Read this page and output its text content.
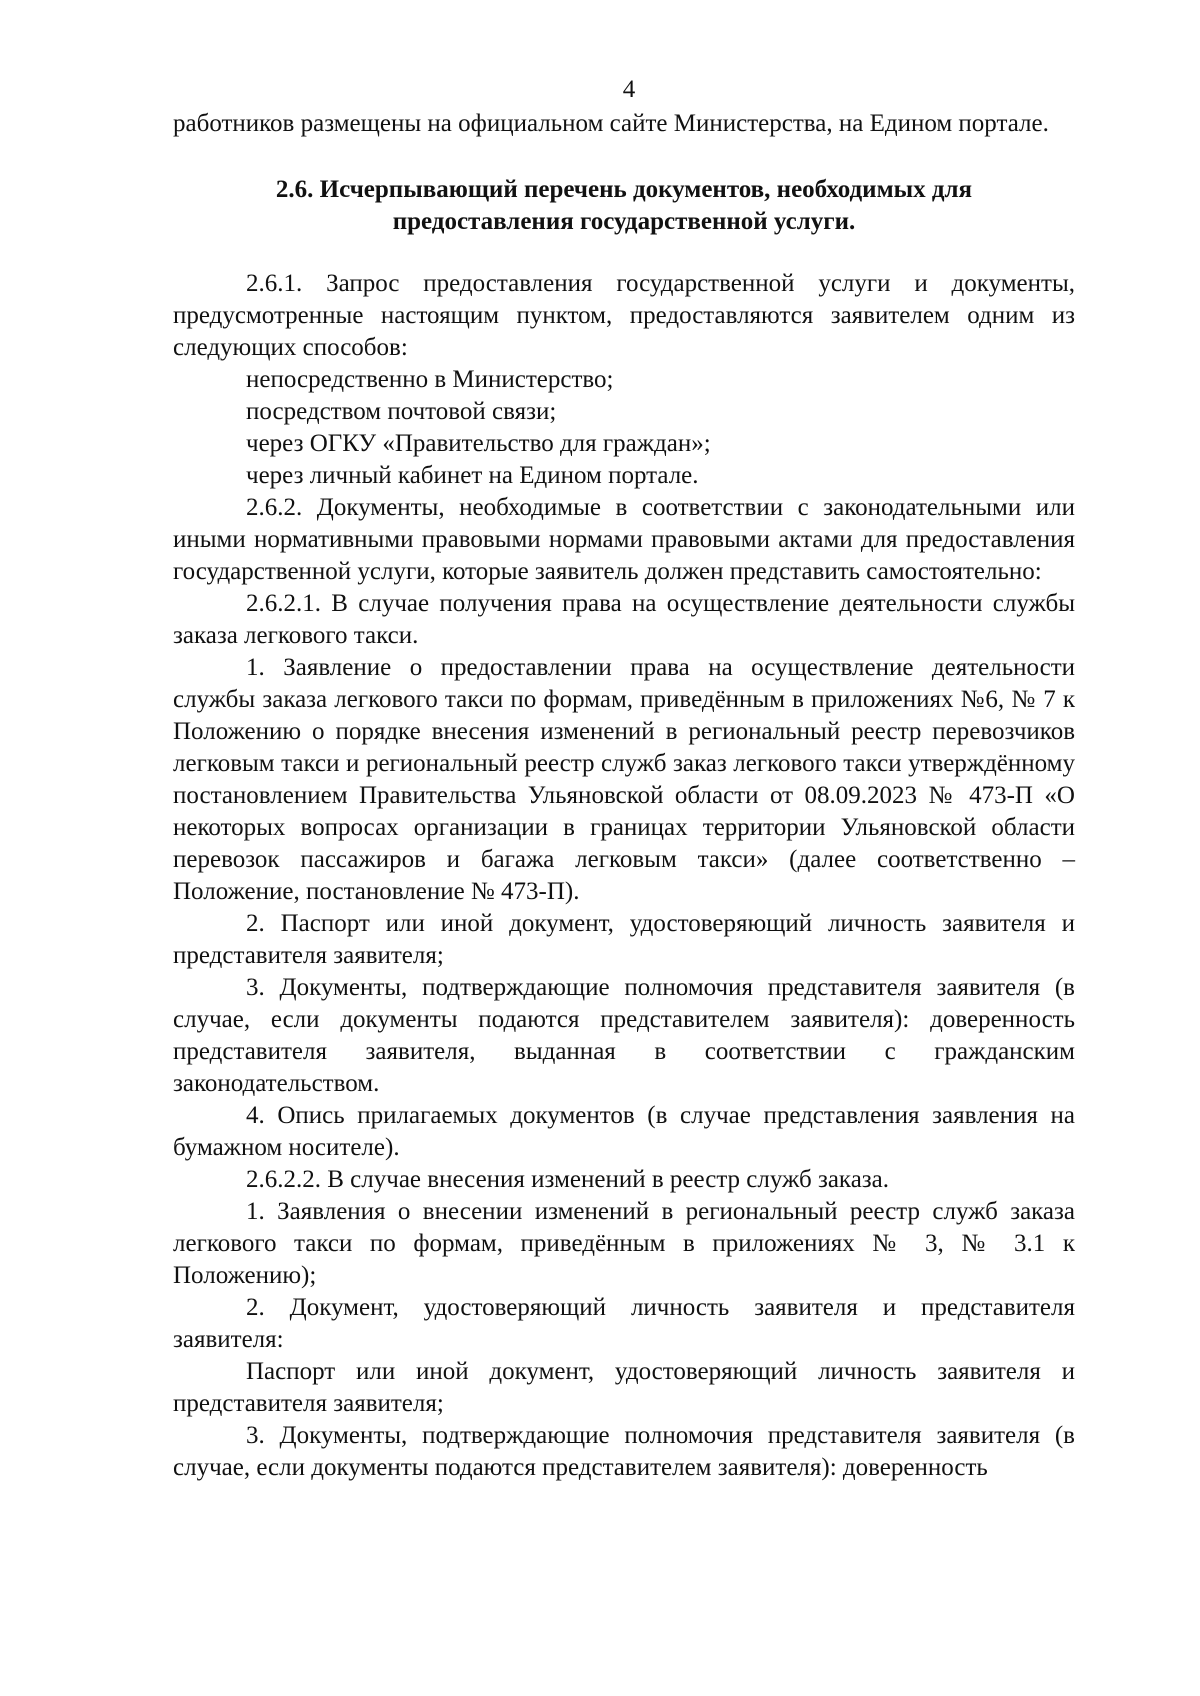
4

работников размещены на официальном сайте Министерства, на Едином портале.

2.6. Исчерпывающий перечень документов, необходимых для предоставления государственной услуги.

2.6.1. Запрос предоставления государственной услуги и документы, предусмотренные настоящим пунктом, предоставляются заявителем одним из следующих способов:

непосредственно в Министерство;

посредством почтовой связи;

через ОГКУ «Правительство для граждан»;

через личный кабинет на Едином портале.

2.6.2. Документы, необходимые в соответствии с законодательными или иными нормативными правовыми нормами правовыми актами для предоставления государственной услуги, которые заявитель должен представить самостоятельно:

2.6.2.1. В случае получения права на осуществление деятельности службы заказа легкового такси.

1. Заявление о предоставлении права на осуществление деятельности службы заказа легкового такси по формам, приведённым в приложениях №6, № 7 к Положению о порядке внесения изменений в региональный реестр перевозчиков легковым такси и региональный реестр служб заказ легкового такси утверждённому постановлением Правительства Ульяновской области от 08.09.2023 № 473-П «О некоторых вопросах организации в границах территории Ульяновской области перевозок пассажиров и багажа легковым такси» (далее соответственно – Положение, постановление № 473-П).

2. Паспорт или иной документ, удостоверяющий личность заявителя и представителя заявителя;

3. Документы, подтверждающие полномочия представителя заявителя (в случае, если документы подаются представителем заявителя): доверенность представителя заявителя, выданная в соответствии с гражданским законодательством.

4. Опись прилагаемых документов (в случае представления заявления на бумажном носителе).

2.6.2.2. В случае внесения изменений в реестр служб заказа.

1. Заявления о внесении изменений в региональный реестр служб заказа легкового такси по формам, приведённым в приложениях № 3, № 3.1 к Положению);

2. Документ, удостоверяющий личность заявителя и представителя заявителя:

Паспорт или иной документ, удостоверяющий личность заявителя и представителя заявителя;

3. Документы, подтверждающие полномочия представителя заявителя (в случае, если документы подаются представителем заявителя): доверенность
